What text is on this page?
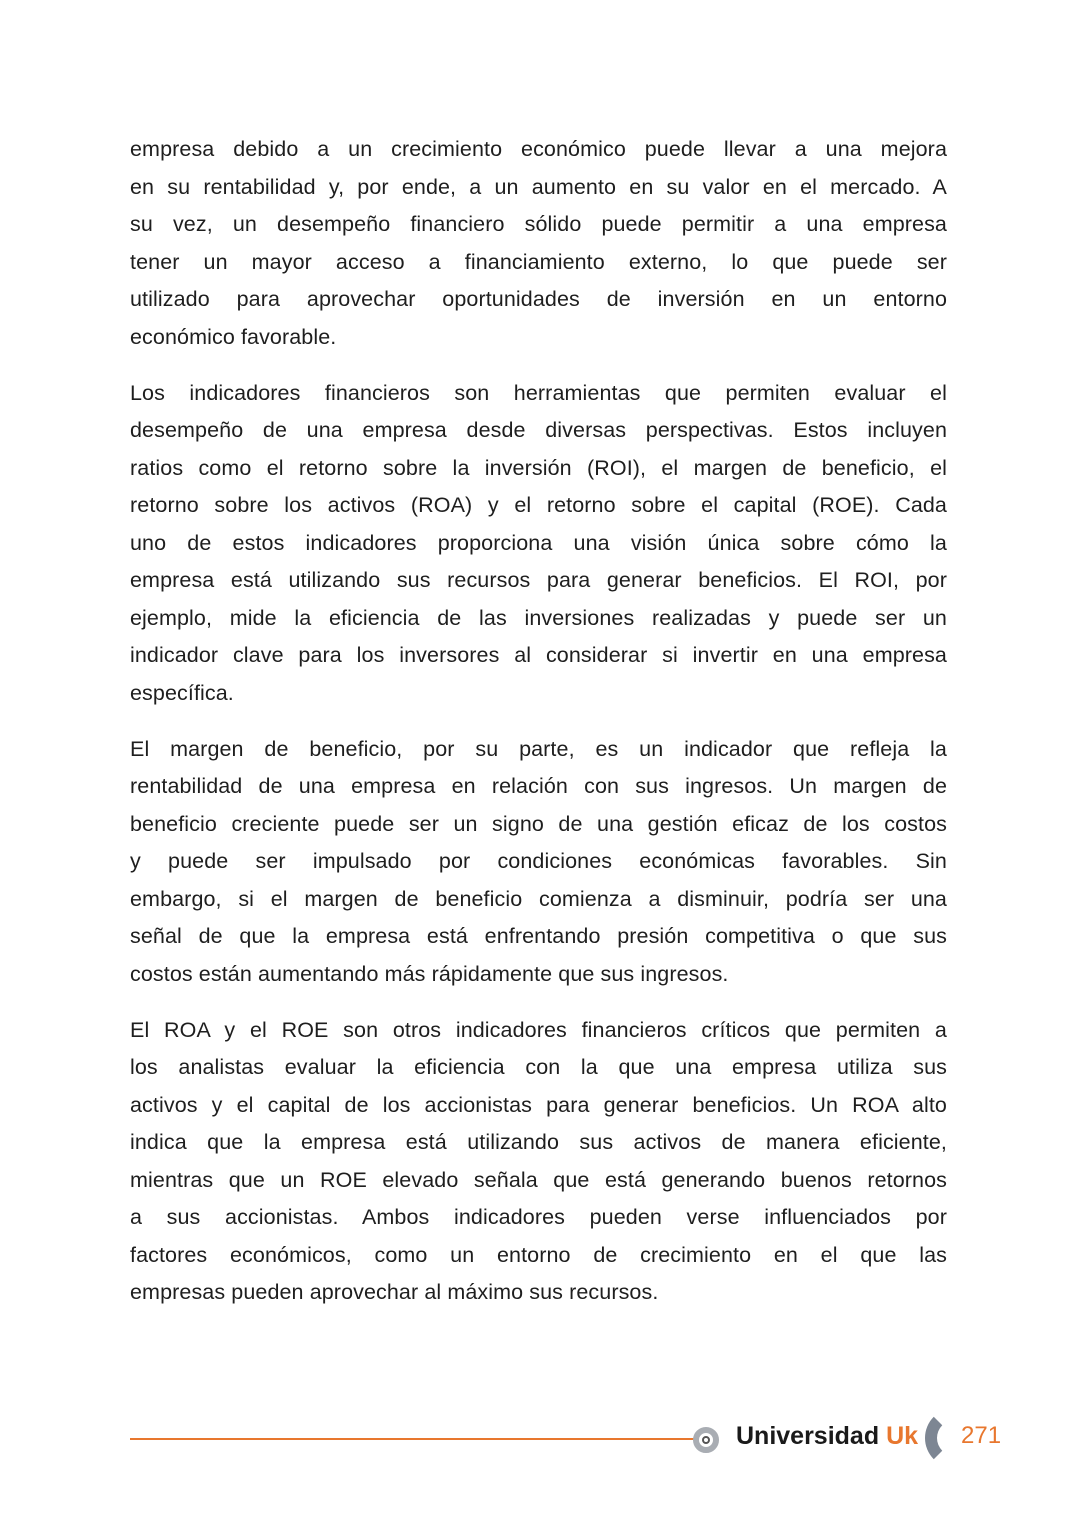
empresa debido a un crecimiento económico puede llevar a una mejora
en su rentabilidad y, por ende, a un aumento en su valor en el mercado. A
su vez, un desempeño financiero sólido puede permitir a una empresa
tener un mayor acceso a financiamiento externo, lo que puede ser
utilizado para aprovechar oportunidades de inversión en un entorno
económico favorable.
Los indicadores financieros son herramientas que permiten evaluar el
desempeño de una empresa desde diversas perspectivas. Estos incluyen
ratios como el retorno sobre la inversión (ROI), el margen de beneficio, el
retorno sobre los activos (ROA) y el retorno sobre el capital (ROE). Cada
uno de estos indicadores proporciona una visión única sobre cómo la
empresa está utilizando sus recursos para generar beneficios. El ROI, por
ejemplo, mide la eficiencia de las inversiones realizadas y puede ser un
indicador clave para los inversores al considerar si invertir en una empresa
específica.
El margen de beneficio, por su parte, es un indicador que refleja la
rentabilidad de una empresa en relación con sus ingresos. Un margen de
beneficio creciente puede ser un signo de una gestión eficaz de los costos
y puede ser impulsado por condiciones económicas favorables. Sin
embargo, si el margen de beneficio comienza a disminuir, podría ser una
señal de que la empresa está enfrentando presión competitiva o que sus
costos están aumentando más rápidamente que sus ingresos.
El ROA y el ROE son otros indicadores financieros críticos que permiten a
los analistas evaluar la eficiencia con la que una empresa utiliza sus
activos y el capital de los accionistas para generar beneficios. Un ROA alto
indica que la empresa está utilizando sus activos de manera eficiente,
mientras que un ROE elevado señala que está generando buenos retornos
a sus accionistas. Ambos indicadores pueden verse influenciados por
factores económicos, como un entorno de crecimiento en el que las
empresas pueden aprovechar al máximo sus recursos.
Universidad Uk 271
